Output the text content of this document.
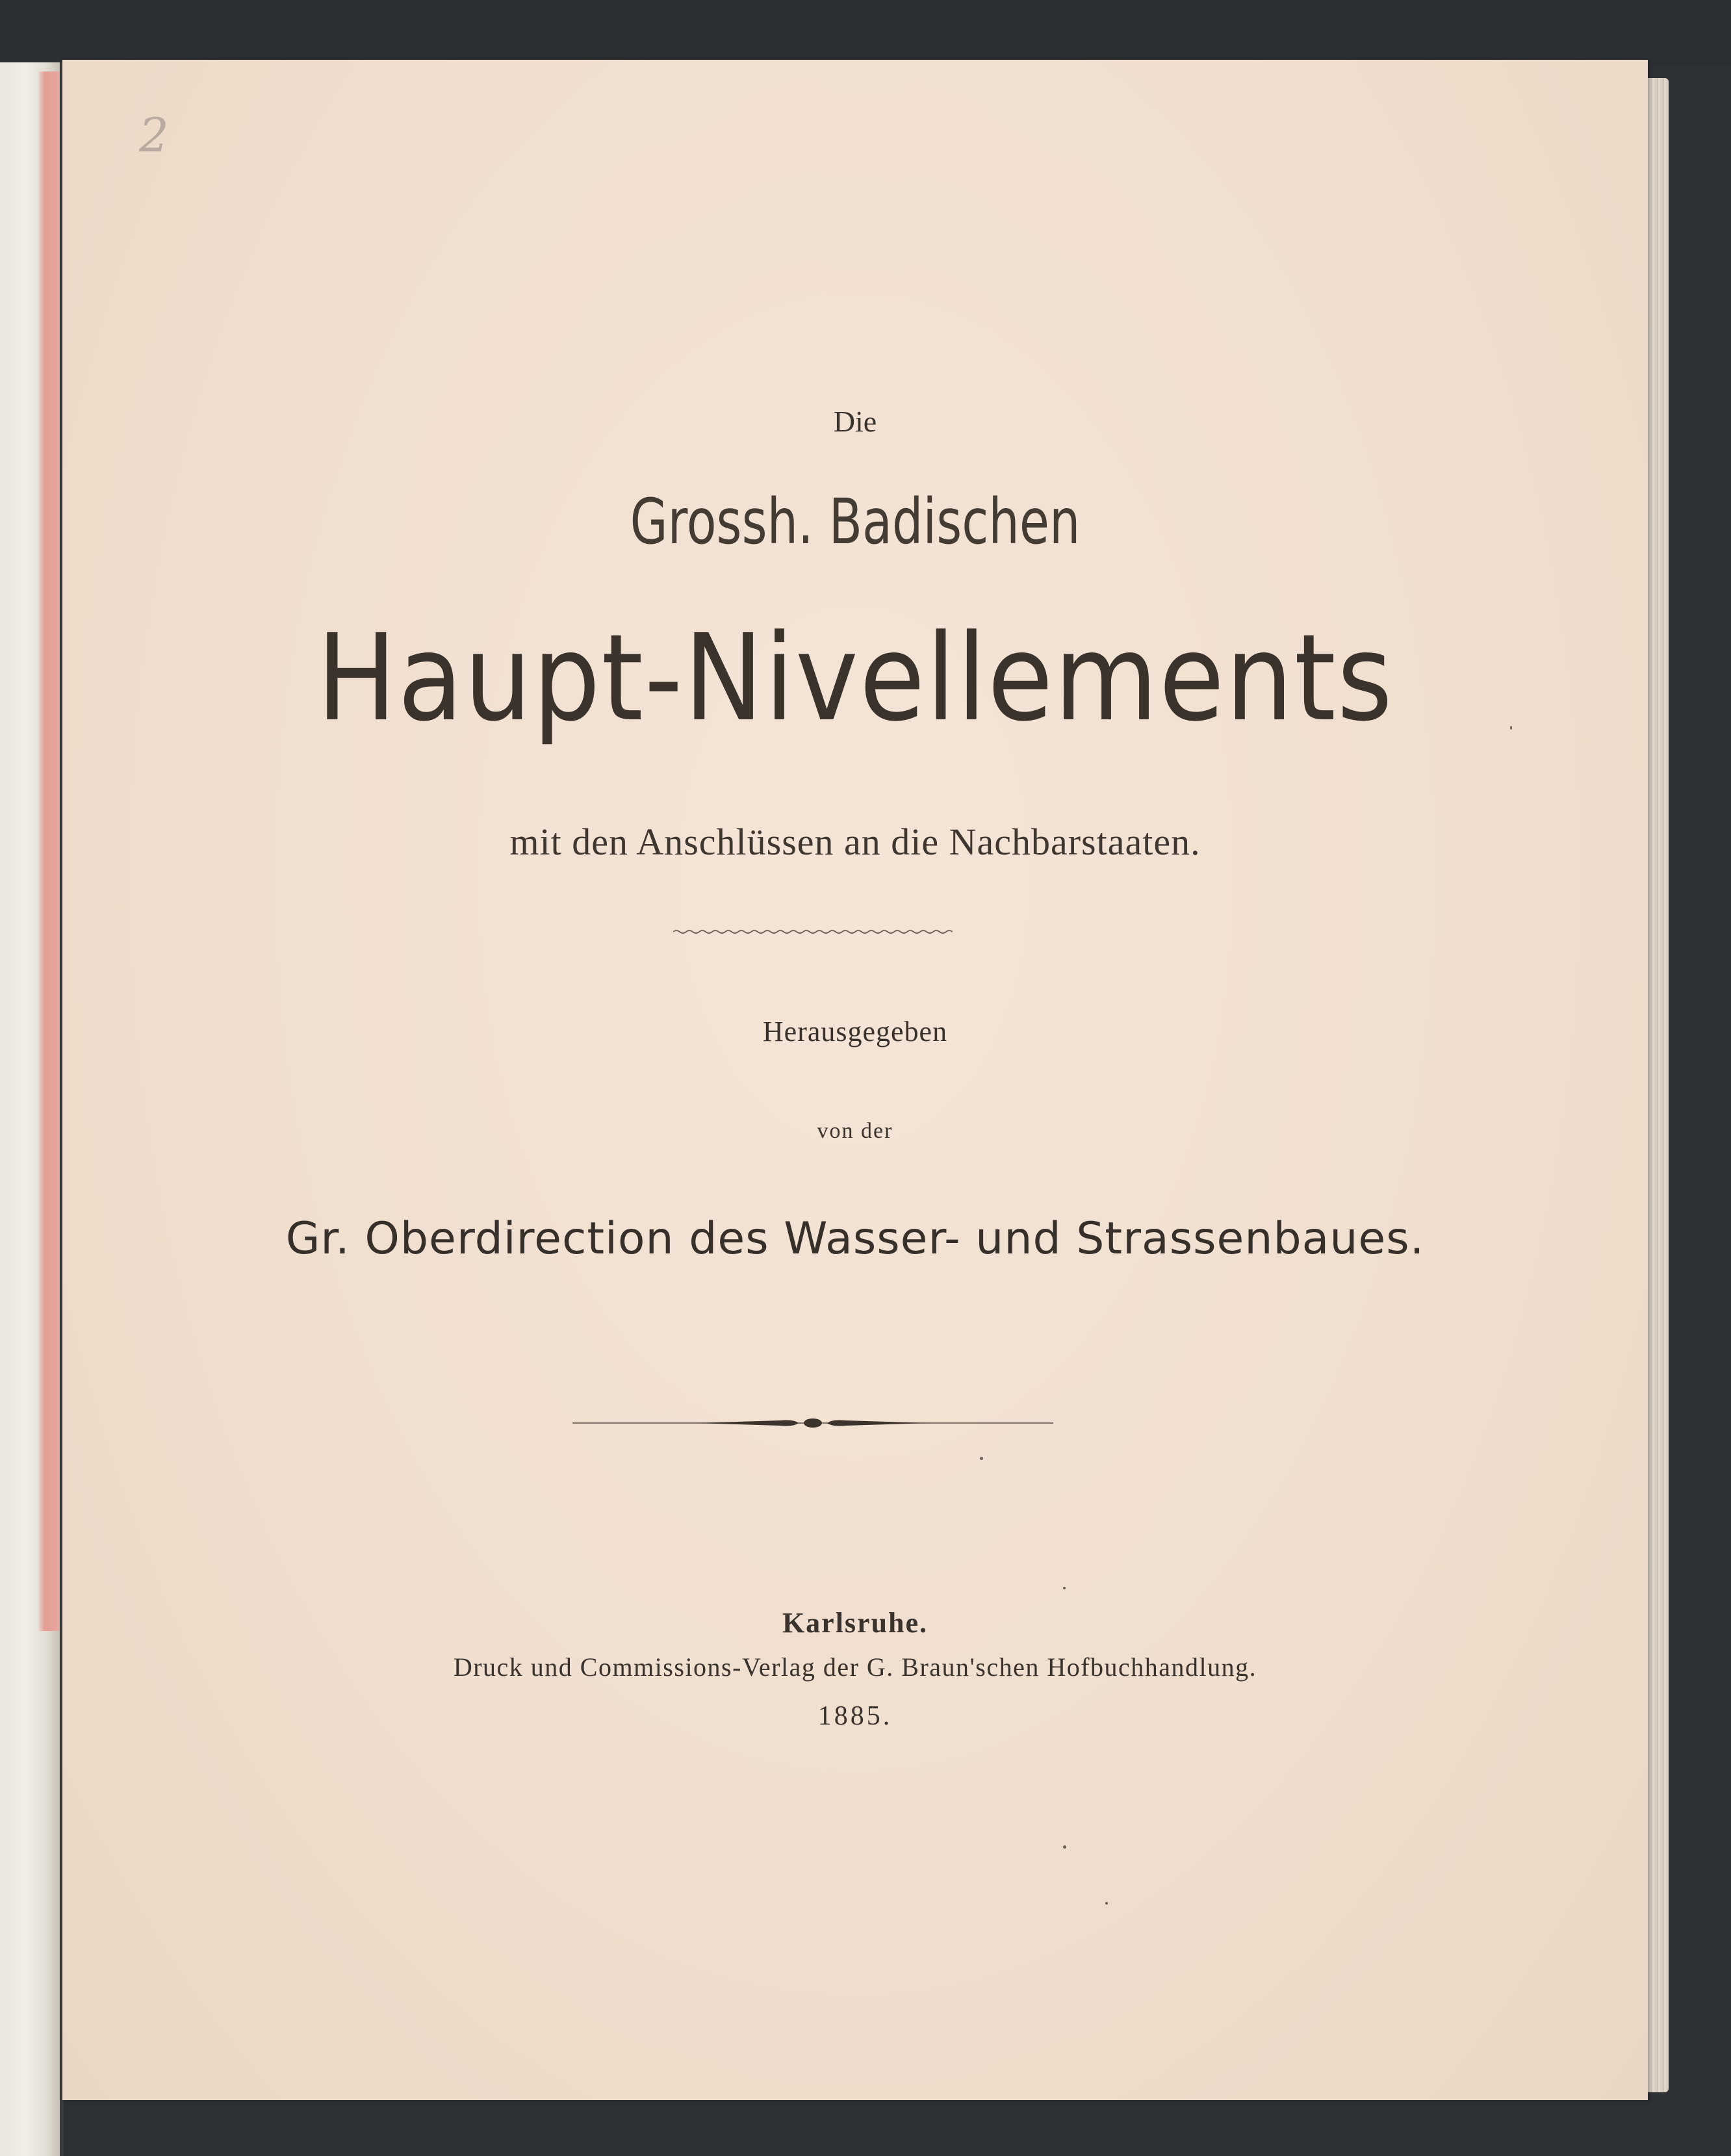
2
Die
Grossh. Badischen
Haupt-Nivellements
mit den Anschlüssen an die Nachbarstaaten.
Herausgegeben
von der
Gr. Oberdirection des Wasser- und Strassenbaues.
Karlsruhe.
Druck und Commissions-Verlag der G. Braun'schen Hofbuchhandlung.
1885.
